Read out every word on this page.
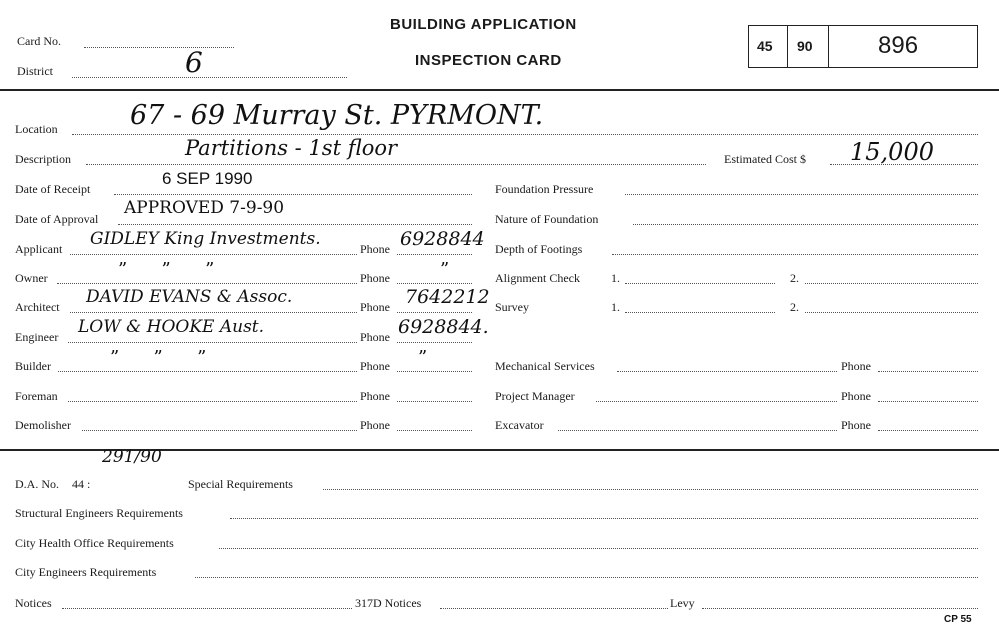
Card No.
District	6
BUILDING APPLICATION
INSPECTION CARD
45 90	896
Location	67 - 69 Murray St. PYRMONT.
Description	Partitions - 1st floor	Estimated Cost $ 15,000
Date of Receipt
6 SEP 1990
Date of Approval
APPROVED 7-9-90
Applicant GIDLEY King Investments.	Phone 6928844
Owner	”      ”      ”	Phone	”
Architect DAVID EVANS & Assoc.	Phone 7642212
Engineer LOW & HOOKE Aust.	Phone 6928844.
Builder	”      ”      ”	Phone ”
Foreman	Phone
Demolisher	Phone
Foundation Pressure
Nature of Foundation
Depth of Footings
Alignment Check	1.	2.
Survey	1.	2.
Mechanical Services	Phone
Project Manager	Phone
Excavator	Phone
291/90
D.A. No. 44 :	Special Requirements
Structural Engineers Requirements
City Health Office Requirements
City Engineers Requirements
Notices	317D Notices	Levy
CP 55
